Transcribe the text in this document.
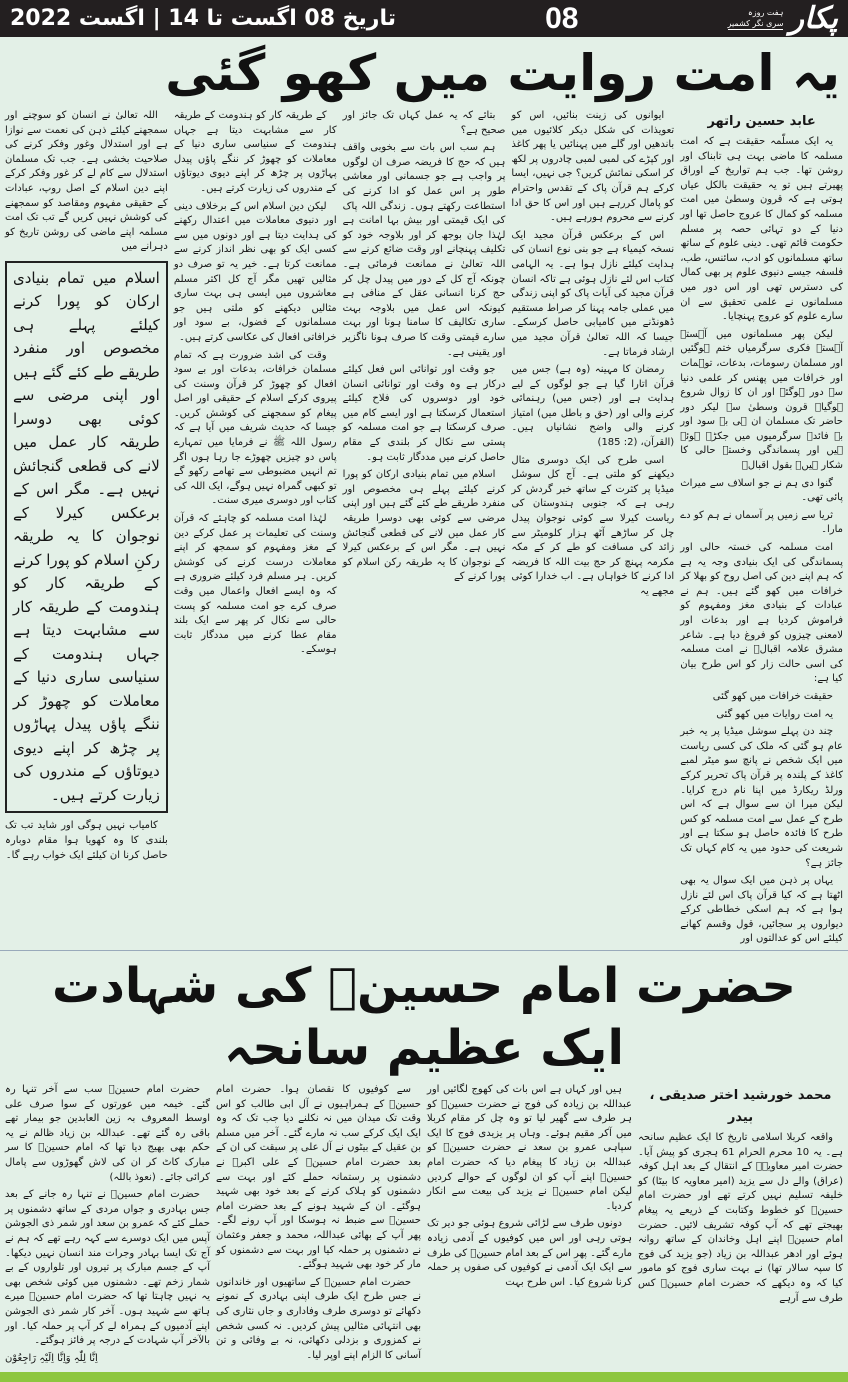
تاریخ 08 اگست تا 14 | اگست 2022	08	پکار
ہفت روزہ
سری نگر کشمیر
یہ امت روایت میں کھو گئی
عابد حسین راتھر

یہ ایک مسلّمہ حقیقت ہے کہ امت مسلمہ کا ماضی بہت ہی تابناک اور روشن تھا۔ جب ہم تواریخ کے اوراق پھیرتے ہیں تو یہ حقیقت بالکل عیاں ہوتی ہے کہ قرون وسطیٰ میں امت مسلمہ کو کمال کا عروج حاصل تھا اور دنیا کے دو تہائی حصہ پر مسلم حکومت قائم تھی۔ دینی علوم کے ساتھ ساتھ مسلمانوں کو ادب، سائنس، طب، فلسفہ جیسے دنیوی علوم پر بھی کمال کی دسترس تھی اور اس دور میں مسلمانوں نے علمی تحقیق سے ان سارے علوم کو عروج پہنچایا۔

لیکن پھر مسلمانوں میں آہستہ آہستہ فکری سرگرمیاں ختم ہوگئیں اور مسلمان رسومات، بدعات، توہمات اور خرافات میں پھنس کر علمی دنیا سے دور ہوگئے اور ان کا زوال شروع ہوگیا۔ قرون وسطیٰ سے لیکر دور حاضر تک مسلمان ان ہی بے سود اور بے فائدہ سرگرمیوں میں جکڑے ہوئے ہیں اور پسماندگی وخستہ حالی کا شکار ہیں۔ بقول اقبالؒ

گنوا دی ہم نے جو اسلاف سے میراث پائی تھی۔

ثریا سے زمیں پر آسماں نے ہم کو دے مارا۔

امت مسلمہ کی خستہ حالی اور پسماندگی کی ایک بنیادی وجہ یہ ہے کہ ہم اپنے دین کی اصل روح کو بھلا کر خرافات میں کھو گئے ہیں۔ ہم نے عبادات کے بنیادی مغز ومفہوم کو فراموش کردیا ہے اور بدعات اور لامعنی چیزوں کو فروغ دیا ہے۔ شاعر مشرق علامہ اقبالؒ نے امت مسلمہ کی اسی حالت زار کو اس طرح بیان کیا ہے:

حقیقت خرافات میں کھو گئی

یہ امت روایات میں کھو گئی

چند دن پہلے سوشل میڈیا پر یہ خبر عام ہو گئی کہ ملک کی کسی ریاست میں ایک شخص نے پانچ سو میٹر لمبے کاغذ کے پلندہ پر قرآن پاک تحریر کرکے ورلڈ ریکارڈ میں اپنا نام درج کرایا۔ لیکن میرا ان سے سوال ہے کہ اس طرح کے عمل سے امت مسلمہ کو کس طرح کا فائدہ حاصل ہو سکتا ہے اور شریعت کی حدود میں یہ کام کہاں تک جائز ہے؟

یہاں پر ذہن میں ایک سوال یہ بھی اٹھتا ہے کہ کیا قرآن پاک اس لئے نازل ہوا ہے کہ ہم اسکی خطاطی کرکے دیواروں پر سجائیں، قول وقسم کھانے کیلئے اس کو عدالتوں اور

ایوانوں کی زینت بنائیں، اس کو تعویذات کی شکل دیکر کلائیوں میں باندھیں اور گلے میں پہنائیں یا پھر کاغذ اور کپڑے کی لمبی لمبی چادروں پر لکھ کر اسکی نمائش کریں؟ جی نہیں، ایسا کرکے ہم قرآن پاک کے تقدس واحترام کو پامال کررہے ہیں اور اس کا حق ادا کرنے سے محروم ہورہے ہیں۔

اس کے برعکس قرآن مجید ایک نسخہ کیمیاء ہے جو بنی نوع انسان کی ہدایت کیلئے نازل ہوا ہے۔ یہ الہامی کتاب اس لئے نازل ہوئی ہے تاکہ انسان قرآن مجید کی آیات پاک کو اپنی زندگی میں عملی جامہ پہنا کر صراط مستقیم ڈھونڈنے میں کامیابی حاصل کرسکے۔ جیسا کہ اللہ تعالیٰ قرآن مجید میں ارشاد فرماتا ہے۔

رمضان کا مہینہ (وہ ہے) جس میں قرآن اتارا گیا ہے جو لوگوں کے لیے ہدایت ہے اور (جس میں) رہنمائی کرنے والی اور (حق و باطل میں) امتیاز کرنے والی واضح نشانیاں ہیں۔ (القرآن، (2: 185)

اسی طرح کی ایک دوسری مثال دیکھنے کو ملتی ہے۔ آج کل سوشل میڈیا پر کثرت کے ساتھ خبر گردش کر رہی ہے کہ جنوبی ہندوستان کی ریاست کیرلا سے کوئی نوجوان پیدل چل کر ساڑھے آٹھ ہزار کلومیٹر سے زائد کی مسافت کو طے کر کے مکہ مکرمہ پہنچ کر حج بیت اللہ کا فریضہ ادا کرنے کا خواہاں ہے۔ اب خدارا کوئی مجھے یہ

بتائے کہ یہ عمل کہاں تک جائز اور صحیح ہے؟

ہم سب اس بات سے بخوبی واقف ہیں کہ حج کا فریضہ صرف ان لوگوں پر واجب ہے جو جسمانی اور معاشی طور پر اس عمل کو ادا کرنے کی استطاعت رکھتے ہوں۔ زندگی اللہ پاک کی ایک قیمتی اور بیش بہا امانت ہے لہٰذا جان بوجھ کر اور بلاوجہ خود کو تکلیف پہنچانے اور وقت ضائع کرنے سے اللہ تعالیٰ نے ممانعت فرمائی ہے۔ چونکہ آج کل کے دور میں پیدل چل کر حج کرنا انسانی عقل کے منافی ہے کیونکہ اس عمل میں بلاوجہ بہت ساری تکالیف کا سامنا ہونا اور بہت سارے قیمتی وقت کا صرف ہونا ناگزیر اور یقینی ہے۔

جو وقت اور توانائی اس فعل کیلئے درکار ہے وہ وقت اور توانائی انسان خود اور دوسروں کی فلاح کیلئے استعمال کرسکتا ہے اور ایسے کام میں صرف کرسکتا ہے جو امت مسلمہ کو پستی سے نکال کر بلندی کے مقام حاصل کرنے میں مددگار ثابت ہو۔

اسلام میں تمام بنیادی ارکان کو پورا کرنے کیلئے پہلے ہی مخصوص اور منفرد طریقے طے کئے گئے ہیں اور اپنی مرضی سے کوئی بھی دوسرا طریقہ کار عمل میں لانے کی قطعی گنجائش نہیں ہے۔ مگر اس کے برعکس کیرلا کے نوجوان کا یہ طریقہ رکن اسلام کو پورا کرنے کے

کے طریقہ کار کو ہندومت کے طریقہ کار سے مشابہت دیتا ہے جہاں ہندومت کے سنیاسی ساری دنیا کے معاملات کو چھوڑ کر ننگے پاؤں پیدل پہاڑوں پر چڑھ کر اپنے دیوی دیوتاؤں کے مندروں کی زیارت کرتے ہیں۔

لیکن دین اسلام اس کے برخلاف دینی اور دنیوی معاملات میں اعتدال رکھنے کی ہدایت دیتا ہے اور دونوں میں سے کسی ایک کو بھی نظر انداز کرنے سے ممانعت کرتا ہے۔ خیر یہ تو صرف دو مثالیں تھیں مگر آج کل اکثر مسلم معاشروں میں ایسی ہی بہت ساری مثالیں دیکھنے کو ملتی ہیں جو مسلمانوں کے فضول، بے سود اور خرافاتی افعال کی عکاسی کرتے ہیں۔

وقت کی اشد ضرورت ہے کہ تمام مسلمان خرافات، بدعات اور بے سود افعال کو چھوڑ کر قرآن وسنت کی پیروی کرکے اسلام کے حقیقی اور اصل پیغام کو سمجھنے کی کوشش کریں۔ جیسا کہ حدیث شریف میں آیا ہے کہ رسول اللہ ﷺ نے فرمایا میں تمہارے پاس دو چیزیں چھوڑے جا رہا ہوں اگر تم انہیں مضبوطی سے تھامے رکھو گے تو کبھی گمراہ نہیں ہوگے، ایک اللہ کی کتاب اور دوسری میری سنت۔

لہٰذا امت مسلمہ کو چاہئے کہ قرآن وسنت کی تعلیمات پر عمل کرکے دین کے مغز ومفہوم کو سمجھ کر اپنے معاملات درست کرنے کی کوشش کریں۔ ہر مسلم فرد کیلئے ضروری ہے کہ وہ ایسے افعال واعمال میں وقت صرف کرے جو امت مسلمہ کو پست حالی سے نکال کر پھر سے ایک بلند مقام عطا کرنے میں مددگار ثابت ہوسکے۔

اللہ تعالیٰ نے انسان کو سوچنے اور سمجھنے کیلئے ذہن کی نعمت سے نوازا ہے اور استدلال وغور وفکر کرنے کی صلاحیت بخشی ہے۔ جب تک مسلمان استدلال سے کام لے کر غور وفکر کرکے اپنے دین اسلام کے اصل روپ، عبادات کے حقیقی مفہوم ومقاصد کو سمجھنے کی کوشش نہیں کریں گے تب تک امت مسلمہ اپنے ماضی کی روشن تاریخ کو دہرانے میں

اسلام میں تمام بنیادی ارکان کو پورا کرنے کیلئے پہلے ہی مخصوص اور منفرد طریقے طے کئے گئے ہیں اور اپنی مرضی سے کوئی بھی دوسرا طریقہ کار عمل میں لانے کی قطعی گنجائش نہیں ہے۔ مگر اس کے برعکس کیرلا کے نوجوان کا یہ طریقہ رکنِ اسلام کو پورا کرنے کے طریقہ کار کو ہندومت کے طریقہ کار سے مشابہت دیتا ہے جہاں ہندومت کے سنیاسی ساری دنیا کے معاملات کو چھوڑ کر ننگے پاؤں پیدل پہاڑوں پر چڑھ کر اپنے دیوی دیوتاؤں کے مندروں کی زیارت کرتے ہیں۔

کامیاب نہیں ہوگی اور شاید تب تک بلندی کا وہ کھویا ہوا مقام دوبارہ حاصل کرنا ان کیلئے ایک خواب رہے گا۔

حضرت امام حسینؓ کی شہادت ایک عظیم سانحہ
محمد خورشید اختر صدیقی ، بیدر

واقعہ کربلا اسلامی تاریخ کا ایک عظیم سانحہ ہے۔ یہ 10 محرم الحرام 61 ہجری کو پیش آیا۔ حضرت امیر معاویہؓ کے انتقال کے بعد اہل کوفہ (عراق) والے دل سے یزید (امیر معاویہ کا بیٹا) کو خلیفہ تسلیم نہیں کرتے تھے اور حضرت امام حسینؓ کو خطوط وکتابت کے ذریعے یہ پیغام بھیجتے تھے کہ آپ کوفہ تشریف لائیں۔ حضرت امام حسینؓ اپنے اہل وخاندان کے ساتھ روانہ ہوئے اور ادھر عبداللہ بن زیاد (جو یزید کی فوج کا سپہ سالار تھا) نے بہت ساری فوج کو مامور کیا کہ وہ دیکھے کہ حضرت امام حسینؓ کس طرف سے آرہے

ہیں اور کہاں ہے اس بات کی کھوج لگائیں اور عبداللہ بن زیادہ کی فوج نے حضرت حسینؓ کو ہر طرف سے گھیر لیا تو وہ چل کر مقام کربلا میں آکر مقیم ہوئے۔ وہاں پر یزیدی فوج کا ایک سپاہی عمرو بن سعد نے حضرت حسینؓ کو عبداللہ بن زیاد کا پیغام دیا کہ حضرت امام حسینؓ اپنے آپ کو ان لوگوں کے حوالے کردیں لیکن امام حسینؓ نے یزید کی بیعت سے انکار کردیا۔

دونوں طرف سے لڑائی شروع ہوئی جو دیر تک ہوتی رہی اور اس میں کوفیوں کے آدمی زیادہ مارے گئے۔ پھر اس کے بعد امام حسینؓ کی طرف سے ایک ایک آدمی نے کوفیوں کی صفوں پر حملہ کرنا شروع کیا۔ اس طرح بہت

سے کوفیوں کا نقصان ہوا۔ حضرت امام حسینؓ کے ہمراہیوں نے آل ابی طالب کو اس وقت تک میدان میں نہ نکلنے دیا جب تک کہ وہ ایک ایک کرکے سب نہ مارے گئے۔ آخر میں مسلم بن عقیل کے بیٹوں نے آل علی پر سبقت کی ان کے بعد حضرت امام حسینؓ کے علی اکبرؓ نے دشمنوں پر رستمانہ حملے کئے اور بہت سے دشمنوں کو ہلاک کرنے کے بعد خود بھی شہید ہوگئے۔ ان کے شہید ہونے کے بعد حضرت امام حسینؓ سے ضبط نہ ہوسکا اور آپ رونے لگے۔ پھر آپ کے بھائی عبداللہ، محمد و جعفر وعثمان نے دشمنوں پر حملہ کیا اور بہت سے دشمنوں کو مار کر خود بھی شہید ہوگئے۔

حضرت امام حسینؓ کے ساتھیوں اور خاندانوں نے جس طرح ایک طرف اپنی بہادری کے نمونے دکھائے تو دوسری طرف وفاداری و جاں نثاری کی بھی انتہائی مثالیں پیش کردیں۔ نہ کسی شخص نے کمزوری و بزدلی دکھائی، نہ بے وفائی و تن آسانی کا الزام اپنے اوپر لیا۔

حضرت امام حسینؓ سب سے آخر تنہا رہ گئے۔ خیمہ میں عورتوں کے سوا صرف علی اوسط المعروف بہ زین العابدین جو بیمار تھے باقی رہ گئے تھے۔ عبداللہ بن زیاد ظالم نے یہ حکم بھی بھیج دیا تھا کہ امام حسینؓ کا سر مبارک کاٹ کر ان کی لاش گھوڑوں سے پامال کرائی جائے۔ (نعوذ باللہ)

حضرت امام حسینؓ نے تنہا رہ جانے کے بعد جس بہادری و جواں مردی کے ساتھ دشمنوں پر حملے کئے کہ عمرو بن سعد اور شمر ذی الجوشن آپس میں ایک دوسرے سے کہہ رہے تھے کہ ہم نے آج تک ایسا بہادر وجرات مند انسان نہیں دیکھا۔ آپ کے جسم مبارک پر تیروں اور تلواروں کے بے شمار زخم تھے۔ دشمنوں میں کوئی شخص بھی یہ نہیں چاہتا تھا کہ حضرت امام حسینؓ میرے ہاتھ سے شہید ہوں۔ آخر کار شمر ذی الجوشن اپنے آدمیوں کے ہمراہ لے کر آپ پر حملہ کیا۔ اور بالآخر آپ شہادت کے درجہ پر فائز ہوگئے۔

اِنَّا لِلّٰہِ وَاِنَّا اِلَیْہِ رَاجِعُوْن
